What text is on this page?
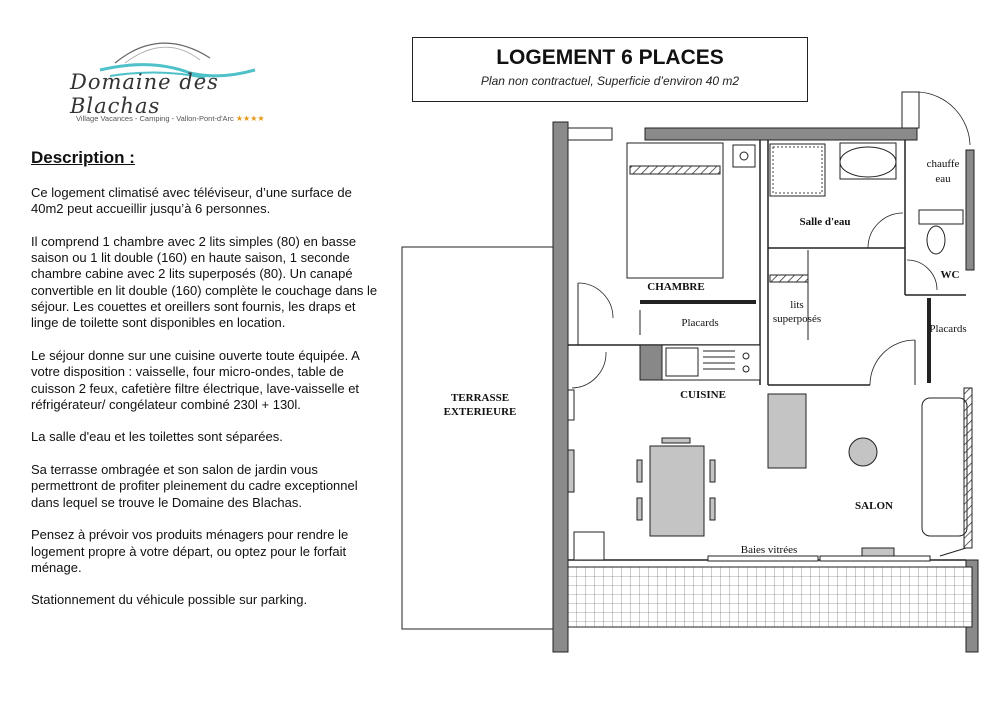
Domaine des Blachas
Village Vacances - Camping - Vallon-Pont-d'Arc ★★★★
Description :

Ce logement climatisé avec téléviseur, d’une surface de 40m2 peut accueillir jusqu’à 6 personnes.

Il comprend 1 chambre avec 2 lits simples (80) en basse saison ou 1 lit double (160) en haute saison, 1 seconde chambre cabine avec 2 lits superposés (80). Un canapé convertible en lit double (160) complète le couchage dans le séjour. Les couettes et oreillers sont fournis, les draps et linge de toilette sont disponibles en location.

Le séjour donne sur une cuisine ouverte toute équipée. A votre disposition : vaisselle, four micro-ondes, table de cuisson 2 feux, cafetière filtre électrique, lave-vaisselle et réfrigérateur/ congélateur combiné 230l + 130l.

La salle d'eau et les toilettes sont séparées.

Sa terrasse ombragée et son salon de jardin vous permettront de profiter pleinement du cadre exceptionnel dans lequel se trouve le Domaine des Blachas.

Pensez à prévoir vos produits ménagers pour rendre le logement propre à votre départ, ou optez pour le forfait ménage.

Stationnement du véhicule possible sur parking.

LOGEMENT 6 PLACES
Plan non contractuel, Superficie d’environ 40 m2
TERRASSE
EXTERIEURE
CHAMBRE
Placards
Salle d'eau
chauffe
eau
WC
lits
superposés
Placards
CUISINE
SALON
Baies vitrées
